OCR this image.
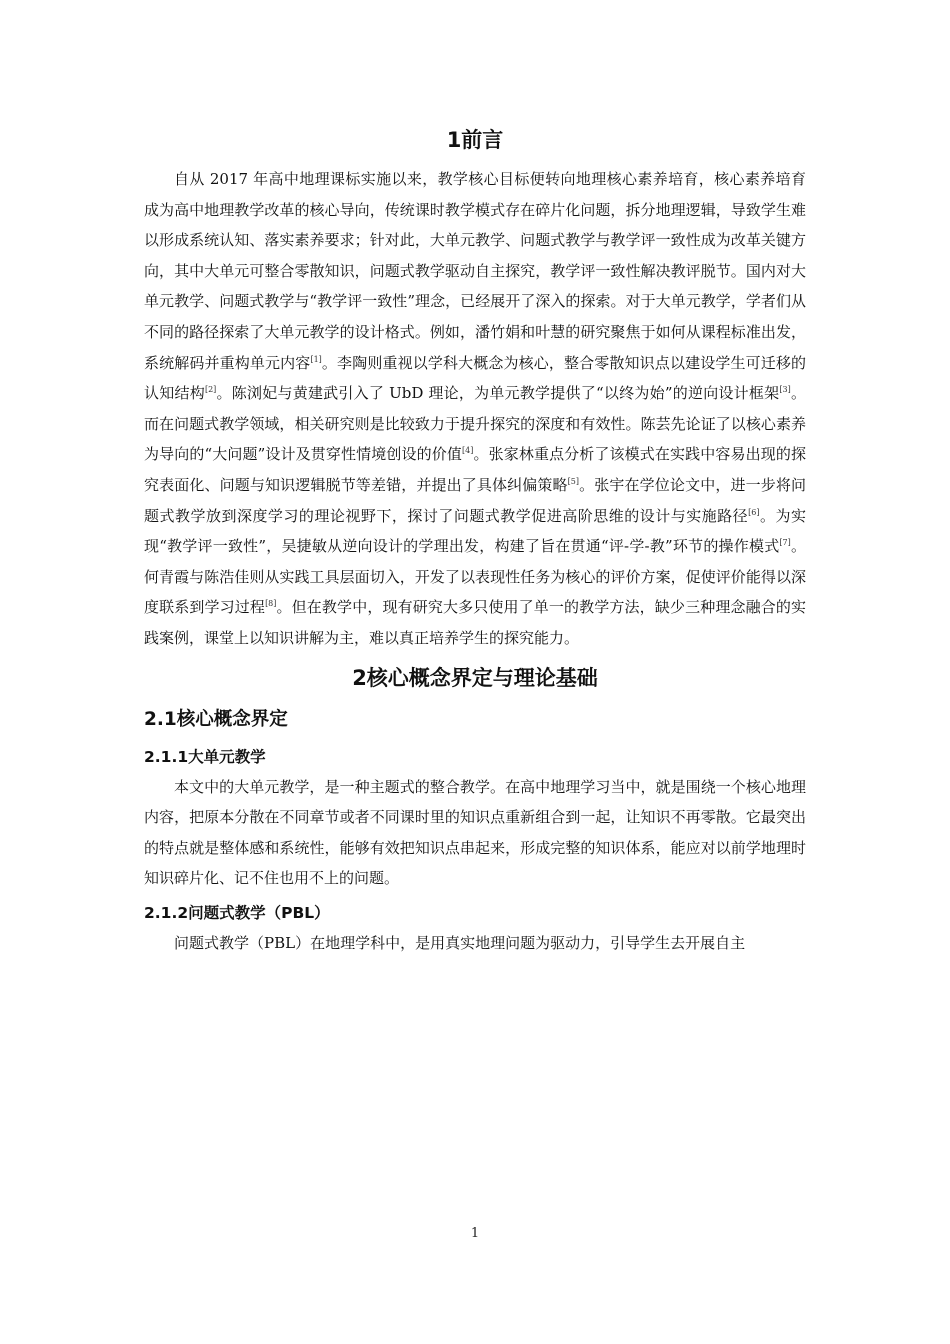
1前言

自从 2017 年高中地理课标实施以来，教学核心目标便转向地理核心素养培育，核心素养培育成为高中地理教学改革的核心导向，传统课时教学模式存在碎片化问题，拆分地理逻辑，导致学生难以形成系统认知、落实素养要求；针对此，大单元教学、问题式教学与教学评一致性成为改革关键方向，其中大单元可整合零散知识，问题式教学驱动自主探究，教学评一致性解决教评脱节。国内对大单元教学、问题式教学与“教学评一致性”理念，已经展开了深入的探索。对于大单元教学，学者们从不同的路径探索了大单元教学的设计格式。例如，潘竹娟和叶慧的研究聚焦于如何从课程标准出发，系统解码并重构单元内容[1]。李陶则重视以学科大概念为核心，整合零散知识点以建设学生可迁移的认知结构[2]。陈浏妃与黄建武引入了 UbD 理论，为单元教学提供了“以终为始”的逆向设计框架[3]。而在问题式教学领域，相关研究则是比较致力于提升探究的深度和有效性。陈芸先论证了以核心素养为导向的“大问题”设计及贯穿性情境创设的价值[4]。张家林重点分析了该模式在实践中容易出现的探究表面化、问题与知识逻辑脱节等差错，并提出了具体纠偏策略[5]。张宇在学位论文中，进一步将问题式教学放到深度学习的理论视野下，探讨了问题式教学促进高阶思维的设计与实施路径[6]。为实现“教学评一致性”，吴捷敏从逆向设计的学理出发，构建了旨在贯通“评-学-教”环节的操作模式[7]。何青霞与陈浩佳则从实践工具层面切入，开发了以表现性任务为核心的评价方案，促使评价能得以深度联系到学习过程[8]。但在教学中，现有研究大多只使用了单一的教学方法，缺少三种理念融合的实践案例，课堂上以知识讲解为主，难以真正培养学生的探究能力。

2核心概念界定与理论基础
2.1核心概念界定
2.1.1大单元教学

本文中的大单元教学，是一种主题式的整合教学。在高中地理学习当中，就是围绕一个核心地理内容，把原本分散在不同章节或者不同课时里的知识点重新组合到一起，让知识不再零散。它最突出的特点就是整体感和系统性，能够有效把知识点串起来，形成完整的知识体系，能应对以前学地理时知识碎片化、记不住也用不上的问题。

2.1.2问题式教学（PBL）

问题式教学（PBL）在地理学科中，是用真实地理问题为驱动力，引导学生去开展自主

1
